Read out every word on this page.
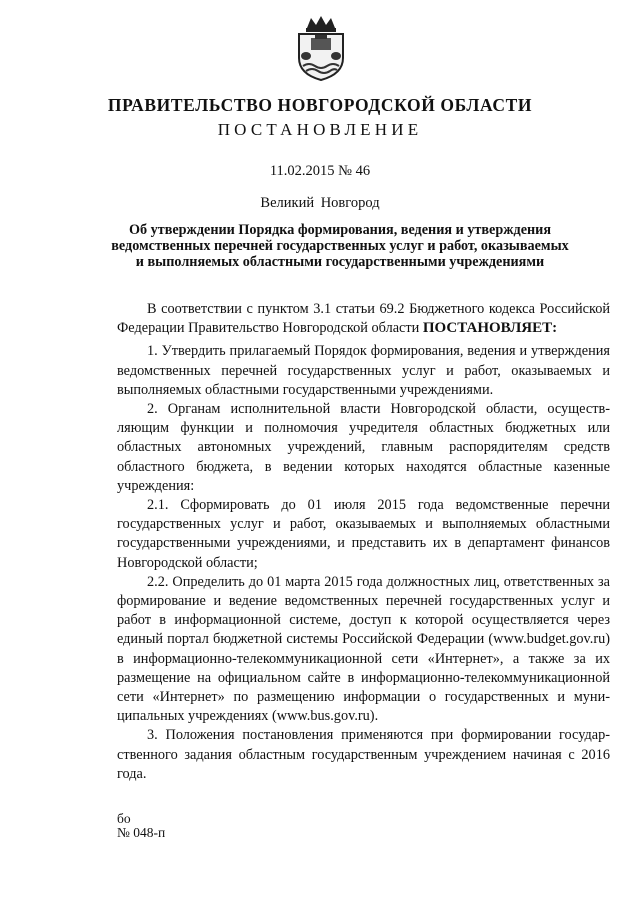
ПРАВИТЕЛЬСТВО НОВГОРОДСКОЙ ОБЛАСТИ
ПОСТАНОВЛЕНИЕ
11.02.2015 № 46
Великий Новгород
Об утверждении Порядка формирования, ведения и утверждения
ведомственных перечней государственных услуг и работ, оказываемых
и выполняемых областными государственными учреждениями

В соответствии с пунктом 3.1 статьи 69.2 Бюджетного кодекса Российской Федерации Правительство Новгородской области ПОСТАНОВЛЯЕТ:

1. Утвердить прилагаемый Порядок формирования, ведения и утверждения ведомственных перечней государственных услуг и работ, оказываемых и выполняемых областными государственными учреждениями.

2. Органам исполнительной власти Новгородской области, осуществляющим функции и полномочия учредителя областных бюджетных или областных автономных учреждений, главным распорядителям средств областного бюджета, в ведении которых находятся областные казенные учреждения:

2.1. Сформировать до 01 июля 2015 года ведомственные перечни государственных услуг и работ, оказываемых и выполняемых областными государственными учреждениями, и представить их в департамент финансов Новгородской области;

2.2. Определить до 01 марта 2015 года должностных лиц, ответственных за формирование и ведение ведомственных перечней государственных услуг и работ в информационной системе, доступ к которой осуществляется через единый портал бюджетной системы Российской Федерации (www.budget.gov.ru) в информационно-телекоммуникационной сети «Интернет», а также за их размещение на официальном сайте в информационно-телекоммуникационной сети «Интернет» по размещению информации о государственных и муниципальных учреждениях (www.bus.gov.ru).

3. Положения постановления применяются при формировании государственного задания областным государственным учреждением начиная с 2016 года.

бо
№ 048-п
